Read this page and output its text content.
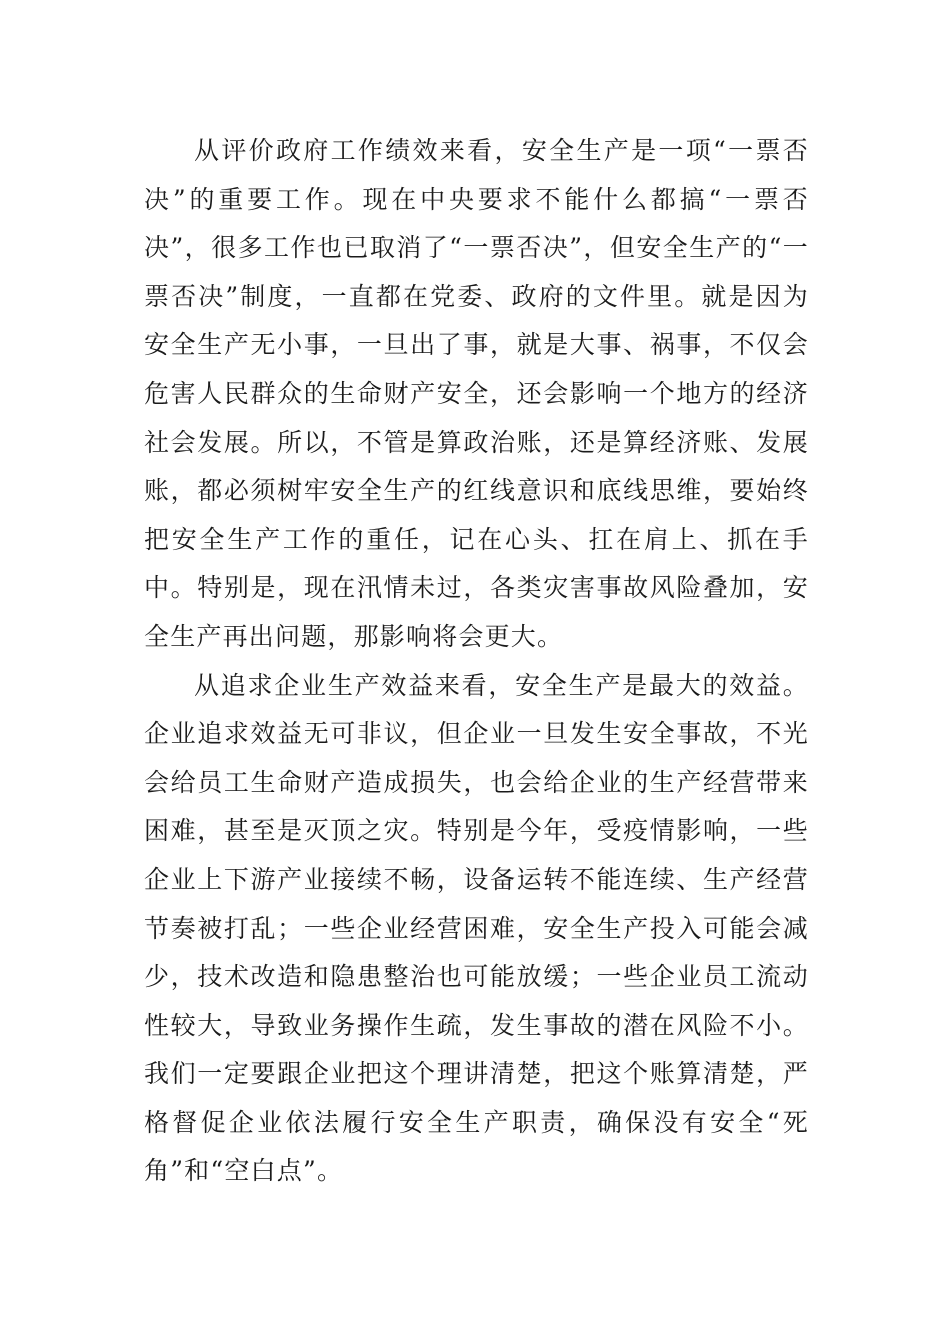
从评价政府工作绩效来看，安全生产是一项“一票否决”的重要工作。现在中央要求不能什么都搞“一票否决”，很多工作也已取消了“一票否决”，但安全生产的“一票否决”制度，一直都在党委、政府的文件里。就是因为安全生产无小事，一旦出了事，就是大事、祸事，不仅会危害人民群众的生命财产安全，还会影响一个地方的经济社会发展。所以，不管是算政治账，还是算经济账、发展账，都必须树牢安全生产的红线意识和底线思维，要始终把安全生产工作的重任，记在心头、扛在肩上、抓在手中。特别是，现在汛情未过，各类灾害事故风险叠加，安全生产再出问题，那影响将会更大。

从追求企业生产效益来看，安全生产是最大的效益。企业追求效益无可非议，但企业一旦发生安全事故，不光会给员工生命财产造成损失，也会给企业的生产经营带来困难，甚至是灭顶之灾。特别是今年，受疫情影响，一些企业上下游产业接续不畅，设备运转不能连续、生产经营节奏被打乱；一些企业经营困难，安全生产投入可能会减少，技术改造和隐患整治也可能放缓；一些企业员工流动性较大，导致业务操作生疏，发生事故的潜在风险不小。我们一定要跟企业把这个理讲清楚，把这个账算清楚，严格督促企业依法履行安全生产职责，确保没有安全“死角”和“空白点”。
